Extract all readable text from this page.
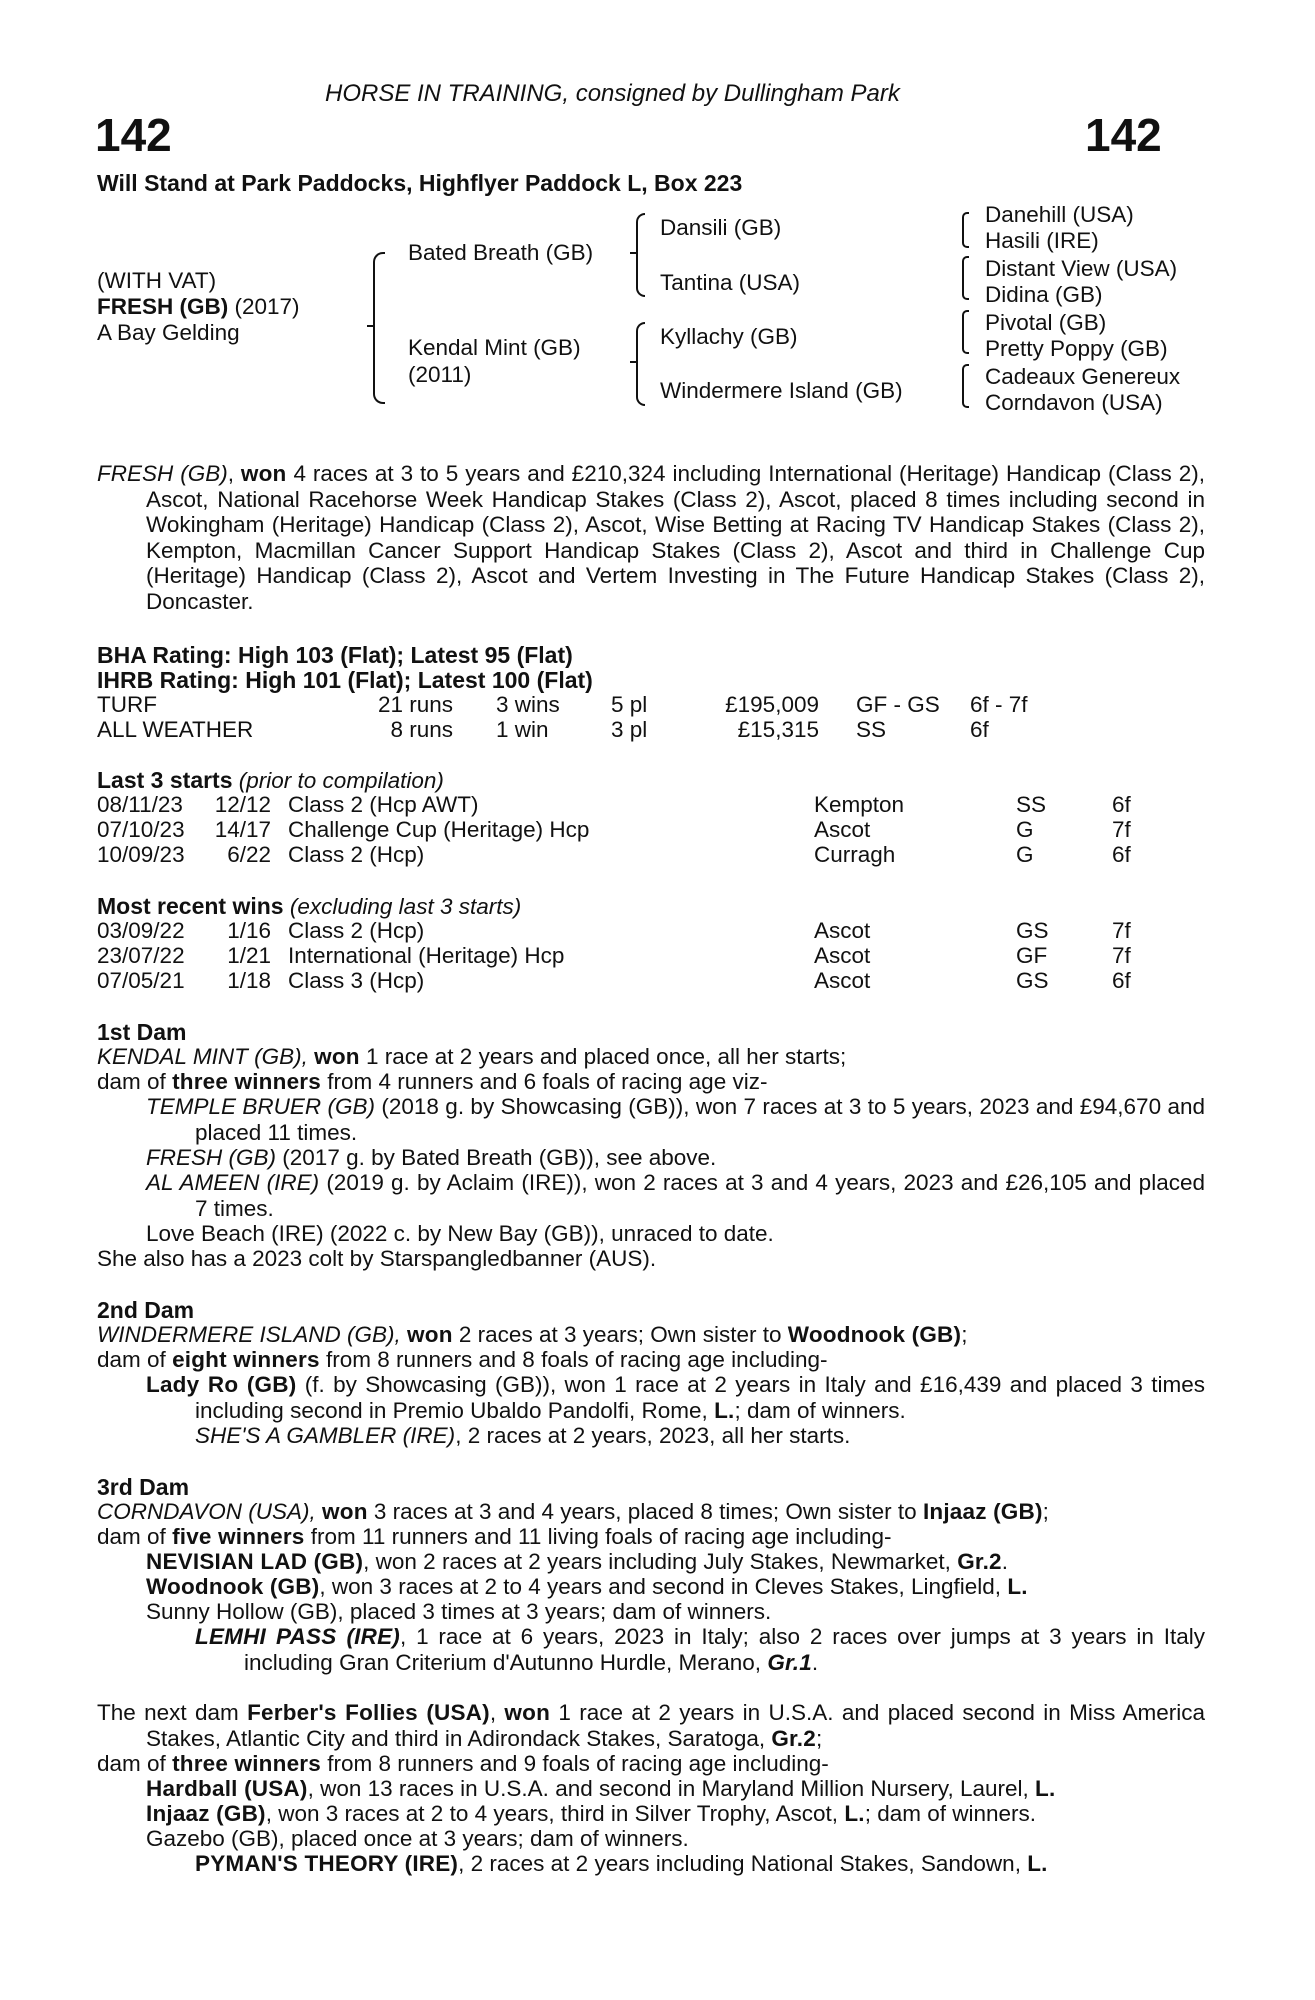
HORSE IN TRAINING, consigned by Dullingham Park
142	142
Will Stand at Park Paddocks, Highflyer Paddock L, Box 223
(WITH VAT)
FRESH (GB) (2017)
A Bay Gelding
Bated Breath (GB)
Kendal Mint (GB)
(2011)
Dansili (GB)
Tantina (USA)
Kyllachy (GB)
Windermere Island (GB)
Danehill (USA)
Hasili (IRE)
Distant View (USA)
Didina (GB)
Pivotal (GB)
Pretty Poppy (GB)
Cadeaux Genereux
Corndavon (USA)
FRESH (GB), won 4 races at 3 to 5 years and £210,324 including International (Heritage) Handicap (Class 2), Ascot, National Racehorse Week Handicap Stakes (Class 2), Ascot, placed 8 times including second in Wokingham (Heritage) Handicap (Class 2), Ascot, Wise Betting at Racing TV Handicap Stakes (Class 2), Kempton, Macmillan Cancer Support Handicap Stakes (Class 2), Ascot and third in Challenge Cup (Heritage) Handicap (Class 2), Ascot and Vertem Investing in The Future Handicap Stakes (Class 2), Doncaster.
BHA Rating: High 103 (Flat); Latest 95 (Flat)
IHRB Rating: High 101 (Flat); Latest 100 (Flat)
TURF	21 runs 3 wins 5 pl	£195,009 GF - GS 6f - 7f
ALL WEATHER	8 runs 1 win	3 pl	£15,315 SS	6f
Last 3 starts (prior to compilation)
08/11/23 12/12 Class 2 (Hcp AWT)	Kempton	SS	6f
07/10/23 14/17 Challenge Cup (Heritage) Hcp	Ascot	G	7f
10/09/23 6/22 Class 2 (Hcp)	Curragh	G	6f
Most recent wins (excluding last 3 starts)
03/09/22 1/16 Class 2 (Hcp)	Ascot	GS	7f
23/07/22 1/21 International (Heritage) Hcp	Ascot	GF	7f
07/05/21 1/18 Class 3 (Hcp)	Ascot	GS	6f
1st Dam
KENDAL MINT (GB), won 1 race at 2 years and placed once, all her starts;
dam of three winners from 4 runners and 6 foals of racing age viz-
TEMPLE BRUER (GB) (2018 g. by Showcasing (GB)), won 7 races at 3 to 5 years, 2023 and £94,670 and placed 11 times.
FRESH (GB) (2017 g. by Bated Breath (GB)), see above.
AL AMEEN (IRE) (2019 g. by Aclaim (IRE)), won 2 races at 3 and 4 years, 2023 and £26,105 and placed 7 times.
Love Beach (IRE) (2022 c. by New Bay (GB)), unraced to date.
She also has a 2023 colt by Starspangledbanner (AUS).
2nd Dam
WINDERMERE ISLAND (GB), won 2 races at 3 years; Own sister to Woodnook (GB);
dam of eight winners from 8 runners and 8 foals of racing age including-
Lady Ro (GB) (f. by Showcasing (GB)), won 1 race at 2 years in Italy and £16,439 and placed 3 times including second in Premio Ubaldo Pandolfi, Rome, L.; dam of winners.
SHE'S A GAMBLER (IRE), 2 races at 2 years, 2023, all her starts.
3rd Dam
CORNDAVON (USA), won 3 races at 3 and 4 years, placed 8 times; Own sister to Injaaz (GB);
dam of five winners from 11 runners and 11 living foals of racing age including-
NEVISIAN LAD (GB), won 2 races at 2 years including July Stakes, Newmarket, Gr.2.
Woodnook (GB), won 3 races at 2 to 4 years and second in Cleves Stakes, Lingfield, L.
Sunny Hollow (GB), placed 3 times at 3 years; dam of winners.
LEMHI PASS (IRE), 1 race at 6 years, 2023 in Italy; also 2 races over jumps at 3 years in Italy including Gran Criterium d'Autunno Hurdle, Merano, Gr.1.
The next dam Ferber's Follies (USA), won 1 race at 2 years in U.S.A. and placed second in Miss America Stakes, Atlantic City and third in Adirondack Stakes, Saratoga, Gr.2;
dam of three winners from 8 runners and 9 foals of racing age including-
Hardball (USA), won 13 races in U.S.A. and second in Maryland Million Nursery, Laurel, L.
Injaaz (GB), won 3 races at 2 to 4 years, third in Silver Trophy, Ascot, L.; dam of winners.
Gazebo (GB), placed once at 3 years; dam of winners.
PYMAN'S THEORY (IRE), 2 races at 2 years including National Stakes, Sandown, L.
